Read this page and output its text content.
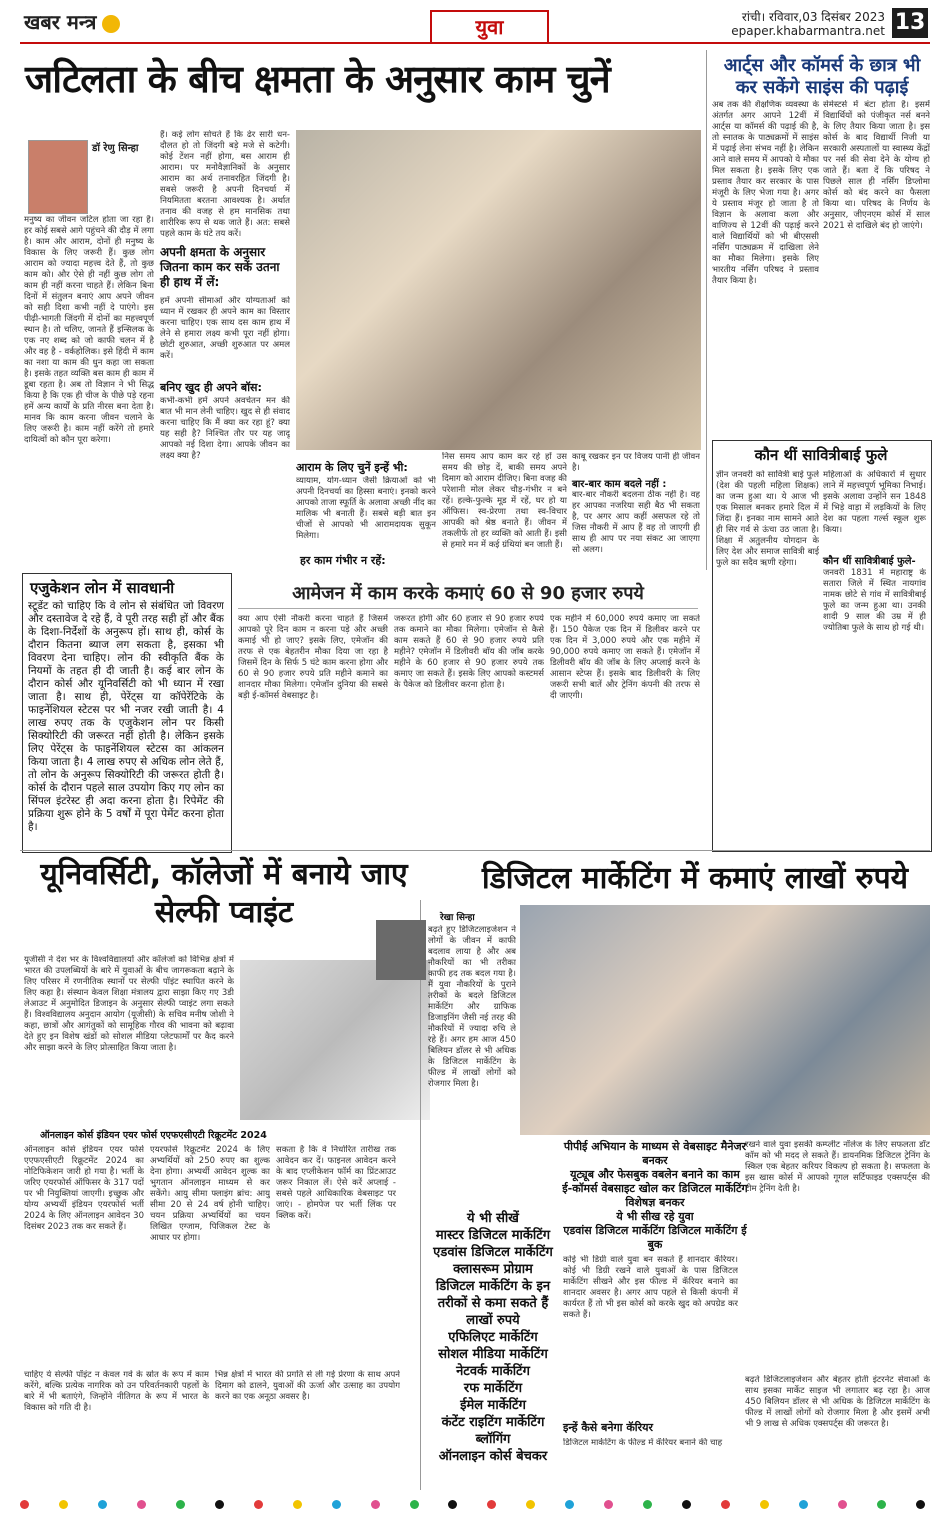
खबर मन्त्र	युवा	रांची। रविवार,03 दिसंबर 2023
epaper.khabarmantra.net 13
जटिलता के बीच क्षमता के अनुसार काम चुनें
डॉ रेणु सिन्हा
मनुष्य का जीवन जटिल होता जा रहा है। हर कोई सबसे आगे पहुंचने की दौड़ में लगा है। काम और आराम, दोनों ही मनुष्य के विकास के लिए जरूरी हैं। कुछ लोग आराम को ज्यादा महत्त्व देते हैं, तो कुछ काम को। और ऐसे ही नहीं कुछ लोग तो काम ही नहीं करना चाहते हैं। लेकिन बिना दिनों में संतुलन बनाएं आप अपने जीवन को सही दिशा कभी नहीं दे पाएंगे। इस पीढ़ी-भागती जिंदगी में दोनों का महत्त्वपूर्ण स्थान है। तो चलिए, जानते हैं इन्सिलक के एक नए शब्द को जो काफी चलन में है और वह है - वर्कहोलिक। इसे हिंदी में काम का नशा या काम की धुन कहा जा सकता है। इसके तहत व्यक्ति बस काम ही काम में डूबा रहता है। अब तो विज्ञान ने भी सिद्ध किया है कि एक ही चीज के पीछे पड़े रहना हमें अन्य कार्यों के प्रति नीरस बना देता है। मानव कि काम करना जीवन चलाने के लिए जरूरी है। काम नहीं करेंगे तो हमारे दायित्वों को कौन पूरा करेगा।
हैं। कई लोग सोचते हैं कि ढेर सारी धन-दौलत हो तो जिंदगी बड़े मजे से कटेगी। कोई टेंशन नहीं होगा, बस आराम ही आराम। पर मनोवैज्ञानिकों के अनुसार आराम का अर्थ तनावरहित जिंदगी है। सबसे जरूरी है अपनी दिनचर्या में नियमितता बरतना आवश्यक है। अर्थात तनाव की वजह से हम मानसिक तथा शारीरिक रूप से थक जाते हैं। अत: सबसे पहले काम के घंटे तय करें।
अपनी क्षमता के अनुसार जितना काम कर सकें उतना ही हाथ में लें:
हमें अपनी सीमाओं और योग्यताओं को ध्यान में रखकर ही अपने काम का विस्तार करना चाहिए। एक साथ दस काम हाथ में लेने से हमारा लक्ष्य कभी पूरा नहीं होगा। छोटी शुरुआत, अच्छी शुरुआत पर अमल करें।
बनिए खुद ही अपने बॉस:
कभी-कभी हमें अपने अवचेतन मन की बात भी मान लेनी चाहिए। खुद से ही संवाद करना चाहिए कि मैं क्या कर रहा हूं? क्या यह सही है? निश्चित तौर पर यह जादू आपको नई दिशा देगा। आपके जीवन का लक्ष्य क्या है?
आराम के लिए चुनें इन्हें भी:
व्यायाम, योग-ध्यान जैसी क्रियाओं को भी अपनी दिनचर्या का हिस्सा बनाएं। इनको करने आपको ताजा स्फूर्ति के अलावा अच्छी नींद का मालिक भी बनाती हैं। सबसे बड़ी बात इन चीजों से आपको भी आरामदायक सुकून मिलेगा।
हर काम गंभीर न रहें:
निस समय आप काम कर रहे हों उस समय की छोड़ दें, बाकी समय अपने दिमाग को आराम दीजिए। बिना वजह की परेशानी मोल लेकर चौड़-गंभीर न बने रहें। हल्के-फुल्के मूड में रहें, घर हो या ऑफिस। स्व-प्रेरणा तथा स्व-विचार आपकी को श्रेष्ठ बनाते हैं। जीवन में तकलीफें तो हर व्यक्ति को आती हैं। इसी से हमारे मन में कई ग्रंथियां बन जाती हैं।
काबू रखकर इन पर विजय पानी ही जीवन है।
बार-बार काम बदले नहीं :
बार-बार नौकरी बदलना ठीक नहीं है। वह हर आपका नजरिया सही बैठ भी सकता है, पर अगर आप कहीं असफल रहे तो जिस नौकरी में आप हैं वह तो जाएगी ही साथ ही आप पर नया संकट आ जाएगा सो अलग।
आर्ट्स और कॉमर्स के छात्र भी कर सकेंगे साइंस की पढ़ाई
अब तक की शैक्षणिक व्यवस्था के अंतर्गत अगर आपने 12वीं में आर्ट्स या कॉमर्स की पढ़ाई की है, तो स्नातक के पाठ्यक्रमों में साइंस में पढ़ाई लेना संभव नहीं है। लेकिन आने वाले समय में आपको ये मौका मिल सकता है। इसके लिए एक प्रस्ताव तैयार कर सरकार के पास मंजूरी के लिए भेजा गया है। अगर ये प्रस्ताव मंजूर हो जाता है तो विज्ञान के अलावा कला और वाणिज्य से 12वीं की पढ़ाई करने वाले विद्यार्थियों को भी बीएससी नर्सिंग पाठ्यक्रम में दाखिला लेने का मौका मिलेगा। इसके लिए भारतीय नर्सिंग परिषद ने प्रस्ताव तैयार किया है।
सेमेस्टर्स में बंटा होता है। इसमें विद्यार्थियों को पंजीकृत नर्स बनने के लिए तैयार किया जाता है। इस कोर्स के बाद विद्यार्थी निजी या सरकारी अस्पतालों या स्वास्थ्य केंद्रों पर नर्स की सेवा देने के योग्य हो जाते हैं। बता दें कि परिषद ने पिछले साल ही नर्सिंग डिप्लोमा कोर्स को बंद करने का फैसला किया था। परिषद के निर्णय के अनुसार, जीएनएम कोर्स में साल 2021 से दाखिले बंद हो जाएंगे।
कौन थीं सावित्रीबाई फुले
ज्ञीन जनवरी को सावित्री बाई फुले (देश की पहली महिला शिक्षक) का जन्म हुआ था। ये आज भी एक मिसाल बनकर हमारे दिल में जिंदा हैं। इनका नाम सामने आते ही सिर गर्व से ऊंचा उठ जाता है। शिक्षा में अतुलनीय योगदान के लिए देश और समाज सावित्री बाई फुले का सदैव ऋणी रहेगा।
महिलाओं के अधिकारों में सुधार लाने में महत्त्वपूर्ण भूमिका निभाई। इसके अलावा उन्होंने सन 1848 में भिड़े वाड़ा में लड़कियों के लिए देश का पहला गर्ल्स स्कूल शुरू किया।
कौन थीं सावित्रीबाई फुले-
जनवरी 1831 में महाराष्ट्र के सतारा जिले में स्थित नायगांव नामक छोटे से गांव में सावित्रीबाई फुले का जन्म हुआ था। उनकी शादी 9 साल की उम्र में ही ज्योतिबा फुले के साथ हो गई थी।
एजुकेशन लोन में सावधानी
स्टूडेंट को चाहिए कि वे लोन से संबंधित जो विवरण और दस्तावेज दे रहे हैं, वे पूरी तरह सही हों और बैंक के दिशा-निर्देशों के अनुरूप हों। साथ ही, कोर्स के दौरान कितना ब्याज लग सकता है, इसका भी विवरण देना चाहिए। लोन की स्वीकृति बैंक के नियमों के तहत ही दी जाती है। कई बार लोन के दौरान कोर्स और यूनिवर्सिटी को भी ध्यान में रखा जाता है। साथ ही, पेरेंट्स या कॉपेरेंटिके के फाइनेंशियल स्टेटस पर भी नजर रखी जाती है। 4 लाख रुपए तक के एजुकेशन लोन पर किसी सिक्योरिटी की जरूरत नहीं होती है। लेकिन इसके लिए पेरेंट्स के फाइनेंशियल स्टेटस का आंकलन किया जाता है। 4 लाख रुपए से अधिक लोन लेते हैं, तो लोन के अनुरूप सिक्योरिटी की जरूरत होती है। कोर्स के दौरान पहले साल उपयोग किए गए लोन का सिंपल इंटरेस्ट ही अदा करना होता है। रिपेमेंट की प्रक्रिया शुरू होने के 5 वर्षों में पूरा पेमेंट करना होता है।
आमेजन में काम करके कमाएं 60 से 90 हजार रुपये
क्या आप ऐसी नौकरी करना चाहते हैं जिसमें आपको पूरे दिन काम न करना पड़े और अच्छी कमाई भी हो जाए? इसके लिए, एमेजॉन की तरफ से एक बेहतरीन मौका दिया जा रहा है जिसमें दिन के सिर्फ 5 घंटे काम करना होगा और 60 से 90 हजार रुपये प्रति महीने कमाने का शानदार मौका मिलेगा। एमेजॉन दुनिया की सबसे बड़ी ई-कॉमर्स वेबसाइट है।
जरूरत होगी और 60 हजार से 90 हजार रुपये तक कमाने का मौका मिलेगा। एमेजॉन से कैसे काम सकते हैं 60 से 90 हजार रुपये प्रति महीने? एमेजॉन में डिलीवरी बॉय की जॉब करके महीने के 60 हजार से 90 हजार रुपये तक कमाए जा सकते हैं। इसके लिए आपको कस्टमर्स के पैकेज को डिलीवर करना होता है।
एक महीने में 60,000 रुपये कमाए जा सकते हैं। 150 पैकेज एक दिन में डिलीवर करने पर एक दिन में 3,000 रुपये और एक महीने में 90,000 रुपये कमाए जा सकते हैं। एमेजॉन में डिलीवरी बॉय की जॉब के लिए अप्लाई करने के आसान स्टेप्स हैं। इसके बाद डिलीवरी के लिए जरूरी सभी बातें और ट्रेनिंग कंपनी की तरफ से दी जाएगी।
यूनिवर्सिटी, कॉलेजों में बनाये जाए सेल्फी प्वाइंट
यूजीसी ने देश भर के विश्वविद्यालयों और कॉलेजों को विभिन्न क्षेत्रों में भारत की उपलब्धियों के बारे में युवाओं के बीच जागरूकता बढ़ाने के लिए परिसर में रणनीतिक स्थानों पर सेल्फी पॉइंट स्थापित करने के लिए कहा है। संस्थान केवल शिक्षा मंत्रालय द्वारा साझा किए गए 3डी लेआउट में अनुमोदित डिजाइन के अनुसार सेल्फी प्वाइंट लगा सकते हैं। विश्वविद्यालय अनुदान आयोग (यूजीसी) के सचिव मनीष जोशी ने कहा, छात्रों और आगंतुकों को सामूहिक गौरव की भावना को बढ़ावा देते हुए इन विशेष खंडों को सोशल मीडिया प्लेटफार्मों पर कैद करने और साझा करने के लिए प्रोत्साहित किया जाता है।
ऑनलाइन कोर्स इंडियन एयर फोर्स एएफएसीएटी रिक्रूटमेंट 2024
ऑनलाइन कोर्स इंडियन एयर फोर्स एएफएसीएटी रिक्रूटमेंट 2024 का नोटिफिकेशन जारी हो गया है। भर्ती के जरिए एयरफोर्स ऑफिसर के 317 पदों पर भी नियुक्तियां जाएगी। इच्छुक और योग्य अभ्यर्थी इंडियन एयरफोर्स भर्ती 2024 के लिए ऑनलाइन आवेदन 30 दिसंबर 2023 तक कर सकते हैं।
एयरफोर्स रिक्रूटमेंट 2024 के लिए अभ्यर्थियों को 250 रुपए का शुल्क देना होगा। अभ्यर्थी आवेदन शुल्क का भुगतान ऑनलाइन माध्यम से कर सकेंगे। आयु सीमा फ्लाइंग ब्रांच: आयु सीमा 20 से 24 वर्ष होनी चाहिए। चयन प्रक्रिया अभ्यर्थियों का चयन लिखित एग्जाम, पिजिकल टेस्ट के आधार पर होगा।
सकता है कि वे निर्धारित तारीख तक आवेदन कर दें। फाइनल आवेदन करने के बाद एप्लीकेशन फॉर्म का प्रिंटआउट जरूर निकाल लें। ऐसे करें अप्लाई - सबसे पहले आधिकारिक वेबसाइट पर जाएं। - होमपेज पर भर्ती लिंक पर क्लिक करें।
चाहिए ये सेल्फी पॉइंट न केवल गर्व के स्रोत के रूप में काम करेंगे, बल्कि प्रत्येक नागरिक को उन परिवर्तनकारी पहलों के बारे में भी बताएंगे, जिन्होंने नीतिगत के रूप में भारत के विकास को गति दी है।
भिन्न क्षेत्रों में भारत की प्रगति से ली गई प्रेरणा के साथ अपने दिमाग को ढालने, युवाओं की ऊर्जा और उत्साह का उपयोग करने का एक अनूठा अवसर है।
डिजिटल मार्केटिंग में कमाएं लाखों रुपये
रेखा सिन्हा
बढ़ते हुए डिजिटलाइजेशन ने लोगों के जीवन में काफी बदलाव लाया है और अब नौकरियों का भी तरीका काफी हद तक बदल गया है। मैं युवा नौकरियों के पुराने तरीकों के बदले डिजिटल मार्केटिंग और ग्राफिक डिजाइनिंग जैसी नई तरह की नौकरियों में ज्यादा रुचि ले रहे हैं। अगर हम आज 450 बिलियन डॉलर से भी अधिक के डिजिटल मार्केटिंग के फील्ड में लाखों लोगों को रोजगार मिला है।
पीपीई अभियान के माध्यम से वेबसाइट मैनेजर बनकर
यूट्यूब और फेसबुक वबलेन बनाने का काम
ई-कॉमर्स वेबसाइट खोल कर डिजिटल मार्केटिंग विशेषज्ञ बनकर
ये भी सीख रहे युवा
एडवांस डिजिटल मार्केटिंग डिजिटल मार्केटिंग ई बुक
ये भी सीखें
मास्टर डिजिटल मार्केटिंग
एडवांस डिजिटल मार्केटिंग क्लासरूम प्रोग्राम
डिजिटल मार्केटिंग के इन तरीकों से कमा सकते हैं लाखों रुपये
एफिलिएट मार्केटिंग
सोशल मीडिया मार्केटिंग
नेटवर्क मार्केटिंग
रफ मार्केटिंग
ईमेल मार्केटिंग
कंटेंट राइटिंग मार्केटिंग
ब्लॉगिंग
ऑनलाइन कोर्स बेचकर
कोई भी डिग्री वाले युवा बन सकते हैं शानदार कॅरियर। कोई भी डिग्री रखने वाले युवाओं के पास डिजिटल मार्केटिंग सीखने और इस फील्ड में कॅरियर बनाने का शानदार अवसर है। अगर आप पहले से किसी कंपनी में कार्यरत हैं तो भी इस कोर्स को करके खुद को अपग्रेड कर सकते हैं।
इन्हें कैसे बनेगा कॅरियर
डिजिटल मार्केटिंग के फील्ड में कॅरियर बनाने की चाह
रखने वाले युवा इसकी कम्प्लीट नॉलेज के लिए सफलता डॉट कॉम को भी मदद ले सकते हैं। डायनमिक डिजिटल ट्रेनिंग के स्किल एक बेहतर करियर विकल्प हो सकता है। सफलता के इस खास कोर्स में आपको गूगल सर्टिफाइड एक्सपर्ट्स की टीम ट्रेनिंग देती है।
बढ़ते डिजिटलाइजेशन और बेहतर होती इंटरनेट सेवाओं के साथ इसका मार्केट साइज भी लगातार बढ़ रहा है। आज 450 बिलियन डॉलर से भी अधिक के डिजिटल मार्केटिंग के फील्ड में लाखों लोगों को रोजगार मिला है और इसमें अभी भी 9 लाख से अधिक एक्सपर्ट्स की जरूरत है।
